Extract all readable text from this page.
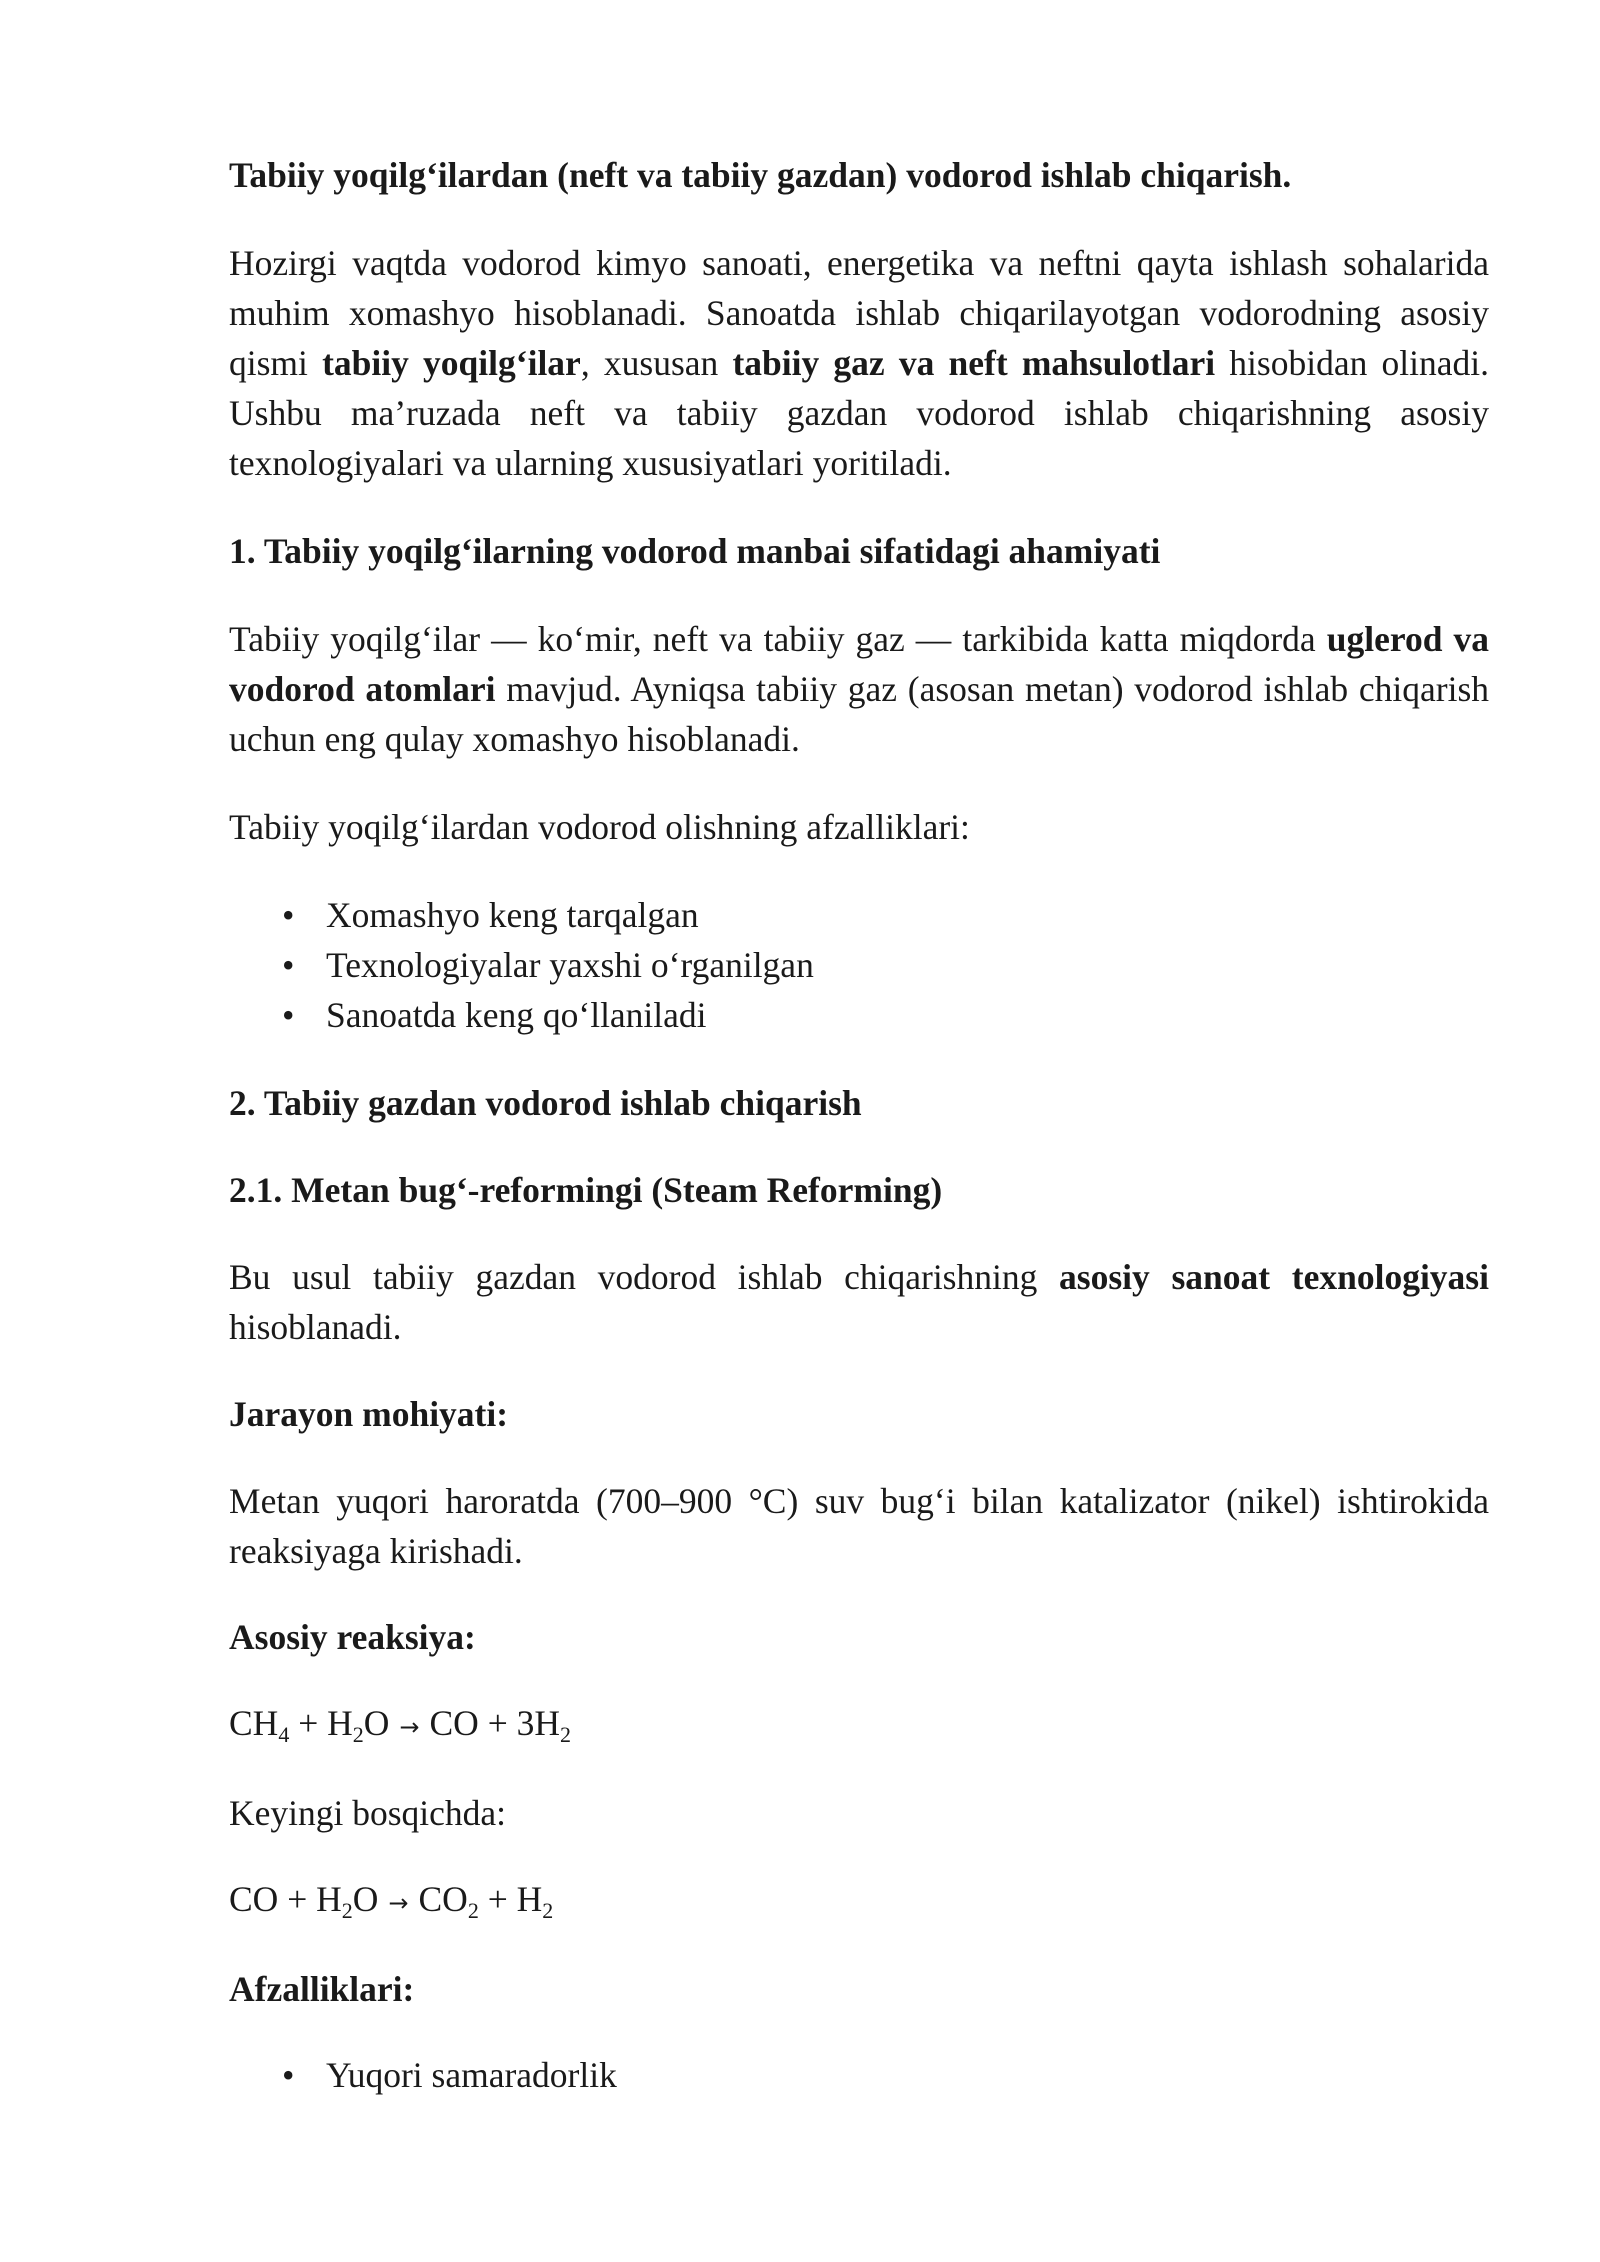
Tabiiy yoqilg‘ilardan (neft va tabiiy gazdan) vodorod ishlab chiqarish.

Hozirgi vaqtda vodorod kimyo sanoati, energetika va neftni qayta ishlash sohalarida muhim xomashyo hisoblanadi. Sanoatda ishlab chiqarilayotgan vodorodning asosiy qismi tabiiy yoqilg‘ilar, xususan tabiiy gaz va neft mahsulotlari hisobidan olinadi. Ushbu ma’ruzada neft va tabiiy gazdan vodorod ishlab chiqarishning asosiy texnologiyalari va ularning xususiyatlari yoritiladi.

1. Tabiiy yoqilg‘ilarning vodorod manbai sifatidagi ahamiyati

Tabiiy yoqilg‘ilar — ko‘mir, neft va tabiiy gaz — tarkibida katta miqdorda uglerod va vodorod atomlari mavjud. Ayniqsa tabiiy gaz (asosan metan) vodorod ishlab chiqarish uchun eng qulay xomashyo hisoblanadi.

Tabiiy yoqilg‘ilardan vodorod olishning afzalliklari:

• Xomashyo keng tarqalgan
• Texnologiyalar yaxshi o‘rganilgan
• Sanoatda keng qo‘llaniladi

2. Tabiiy gazdan vodorod ishlab chiqarish

2.1. Metan bug‘-reformingi (Steam Reforming)

Bu usul tabiiy gazdan vodorod ishlab chiqarishning asosiy sanoat texnologiyasi hisoblanadi.

Jarayon mohiyati:

Metan yuqori haroratda (700–900 °C) suv bug‘i bilan katalizator (nikel) ishtirokida reaksiyaga kirishadi.

Asosiy reaksiya:

$CH_4 + H_2O$ → CO + $3H_2$

Keyingi bosqichda:

CO + $H_2O \to CO_2 + H_2$

Afzalliklari:

• Yuqori samaradorlik
